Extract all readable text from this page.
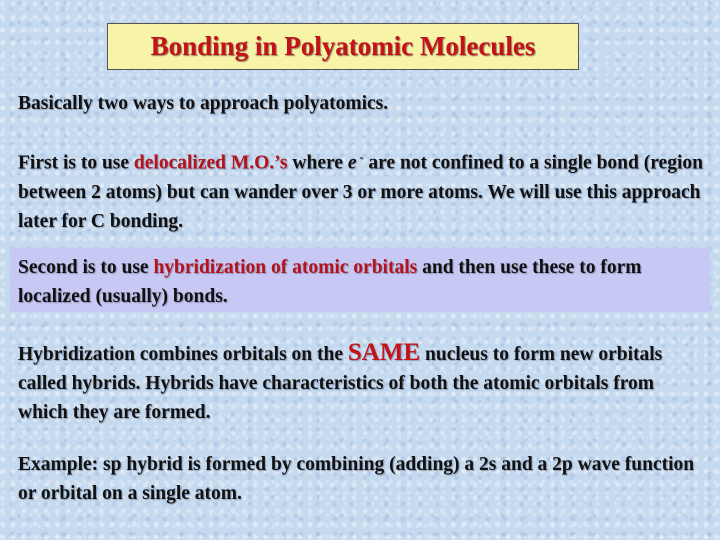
Bonding in Polyatomic Molecules
Basically two ways to approach polyatomics.
First is to use delocalized M.O.’s where e - are not confined to a single bond (region between 2 atoms) but can wander over 3 or more atoms. We will use this approach later for C bonding.
Second is to use hybridization of atomic orbitals and then use these to form localized (usually) bonds.
Hybridization combines orbitals on the SAME nucleus to form new orbitals called hybrids. Hybrids have characteristics of both the atomic orbitals from which they are formed.
Example: sp hybrid is formed by combining (adding) a 2s and a 2p wave function or orbital on a single atom.
